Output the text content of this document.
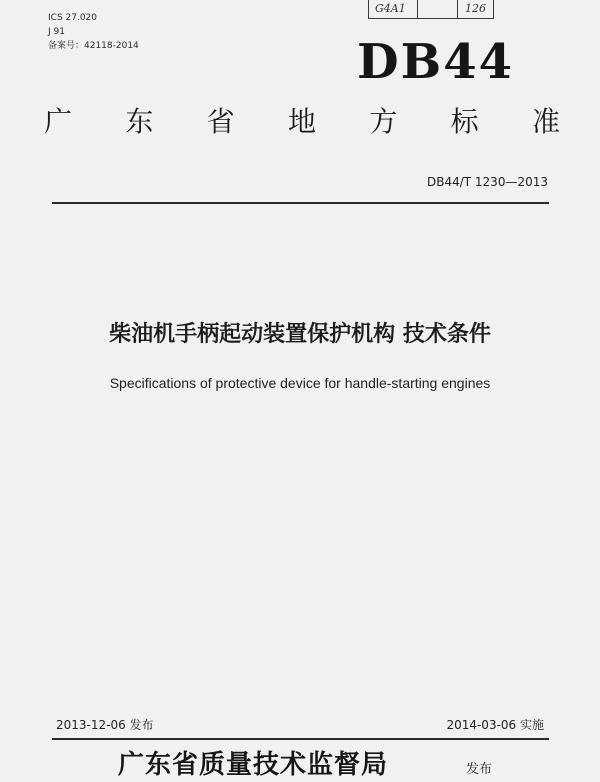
ICS 27.020
J 91
备案号：42118-2014
G4A1	126
DB44
广 东 省 地 方 标 准
DB44/T 1230—2013
柴油机手柄起动装置保护机构 技术条件
Specifications of protective device for handle-starting engines
2013-12-06 发布	2014-03-06 实施
广东省质量技术监督局	发布
